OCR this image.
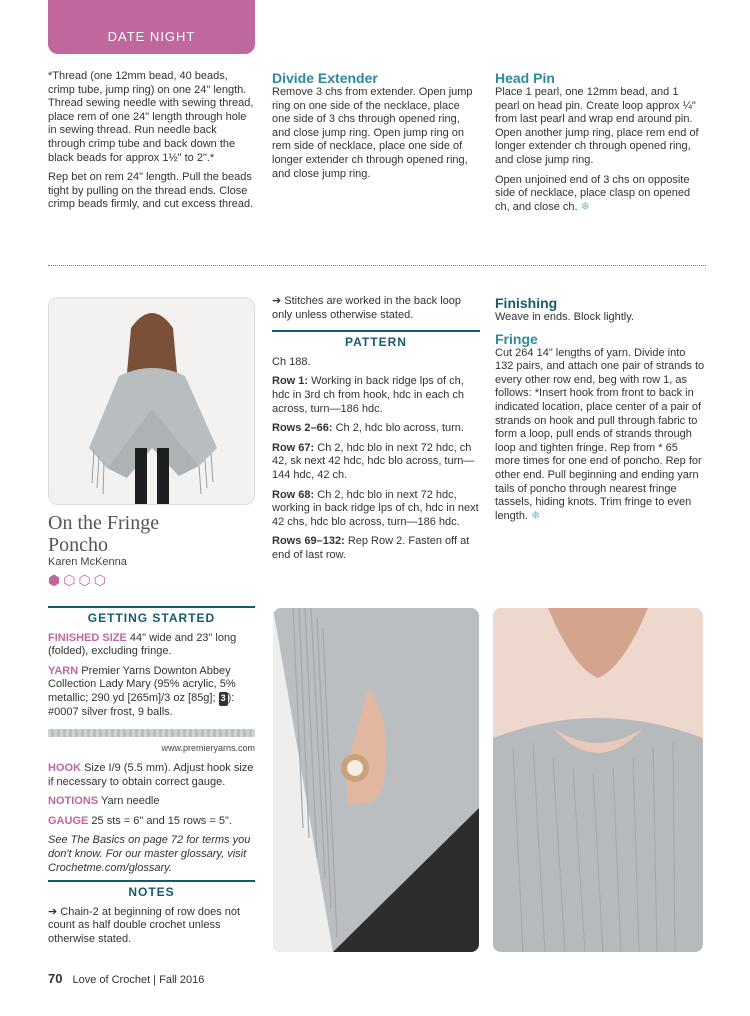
DATE NIGHT

*Thread (one 12mm bead, 40 beads, crimp tube, jump ring) on one 24" length. Thread sewing needle with sewing thread, place rem of one 24" length through hole in sewing thread. Run needle back through crimp tube and back down the black beads for approx 1½" to 2".*

Rep bet on rem 24" length. Pull the beads tight by pulling on the thread ends. Close crimp beads firmly, and cut excess thread.

Divide Extender

Remove 3 chs from extender. Open jump ring on one side of the necklace, place one side of 3 chs through opened ring, and close jump ring. Open jump ring on rem side of necklace, place one side of longer extender ch through opened ring, and close jump ring.

Head Pin

Place 1 pearl, one 12mm bead, and 1 pearl on head pin. Create loop approx ¼" from last pearl and wrap end around pin. Open another jump ring, place rem end of longer extender ch through opened ring, and close jump ring.

Open unjoined end of 3 chs on opposite side of necklace, place clasp on opened ch, and close ch. ❄

On the Fringe
Poncho
Karen McKenna
⬢ ⬡ ⬡ ⬡
GETTING STARTED

FINISHED SIZE 44" wide and 23" long (folded), excluding fringe.

YARN Premier Yarns Downton Abbey Collection Lady Mary (95% acrylic, 5% metallic; 290 yd [265m]/3 oz [85g]; 3 ): #0007 silver frost, 9 balls.

www.premieryarns.com

HOOK Size I/9 (5.5 mm). Adjust hook size if necessary to obtain correct gauge.

NOTIONS Yarn needle

GAUGE 25 sts = 6" and 15 rows = 5".

See The Basics on page 72 for terms you don't know. For our master glossary, visit Crochetme.com/glossary.

NOTES

➔ Chain-2 at beginning of row does not count as half double crochet unless otherwise stated.

➔ Stitches are worked in the back loop only unless otherwise stated.

PATTERN

Ch 188.

Row 1: Working in back ridge lps of ch, hdc in 3rd ch from hook, hdc in each ch across, turn—186 hdc.

Rows 2–66: Ch 2, hdc blo across, turn.

Row 67: Ch 2, hdc blo in next 72 hdc, ch 42, sk next 42 hdc, hdc blo across, turn—144 hdc, 42 ch.

Row 68: Ch 2, hdc blo in next 72 hdc, working in back ridge lps of ch, hdc in next 42 chs, hdc blo across, turn—186 hdc.

Rows 69–132: Rep Row 2. Fasten off at end of last row.

Finishing

Weave in ends. Block lightly.

Fringe

Cut 264 14" lengths of yarn. Divide into 132 pairs, and attach one pair of strands to every other row end, beg with row 1, as follows: *Insert hook from front to back in indicated location, place center of a pair of strands on hook and pull through fabric to form a loop, pull ends of strands through loop and tighten fringe. Rep from * 65 more times for one end of poncho. Rep for other end. Pull beginning and ending yarn tails of poncho through nearest fringe tassels, hiding knots. Trim fringe to even length. ❄

70 Love of Crochet | Fall 2016
